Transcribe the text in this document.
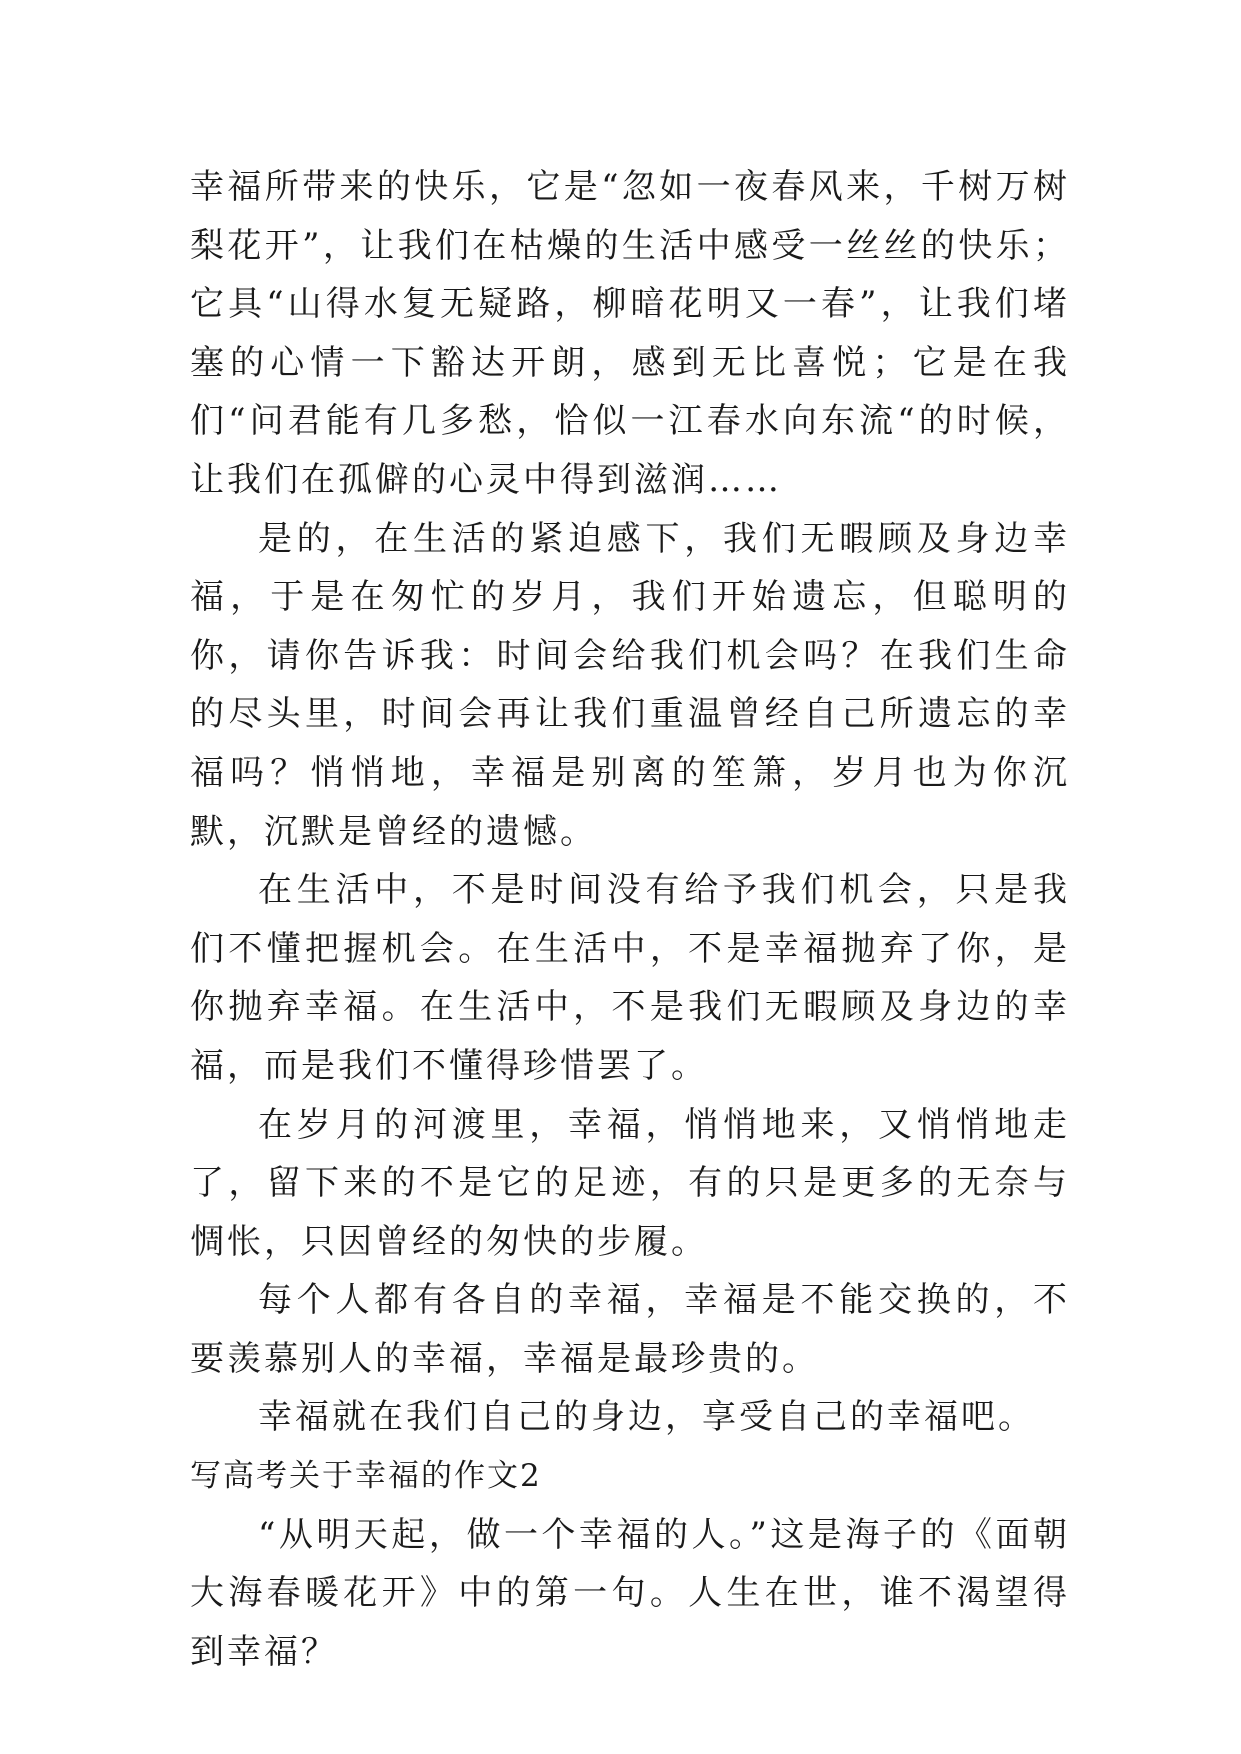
幸福所带来的快乐，它是“忽如一夜春风来，千树万树梨花开”，让我们在枯燥的生活中感受一丝丝的快乐；它具“山得水复无疑路，柳暗花明又一春”，让我们堵塞的心情一下豁达开朗，感到无比喜悦；它是在我们“问君能有几多愁，恰似一江春水向东流“的时候，让我们在孤僻的心灵中得到滋润……

是的，在生活的紧迫感下，我们无暇顾及身边幸福，于是在匆忙的岁月，我们开始遗忘，但聪明的你，请你告诉我：时间会给我们机会吗？在我们生命的尽头里，时间会再让我们重温曾经自己所遗忘的幸福吗？悄悄地，幸福是别离的笙箫，岁月也为你沉默，沉默是曾经的遗憾。

在生活中，不是时间没有给予我们机会，只是我们不懂把握机会。在生活中，不是幸福抛弃了你，是你抛弃幸福。在生活中，不是我们无暇顾及身边的幸福，而是我们不懂得珍惜罢了。

在岁月的河渡里，幸福，悄悄地来，又悄悄地走了，留下来的不是它的足迹，有的只是更多的无奈与惆怅，只因曾经的匆快的步履。

每个人都有各自的幸福，幸福是不能交换的，不要羡慕别人的幸福，幸福是最珍贵的。

幸福就在我们自己的身边，享受自己的幸福吧。

写高考关于幸福的作文2

“从明天起，做一个幸福的人。”这是海子的《面朝大海春暖花开》中的第一句。人生在世，谁不渴望得到幸福？
